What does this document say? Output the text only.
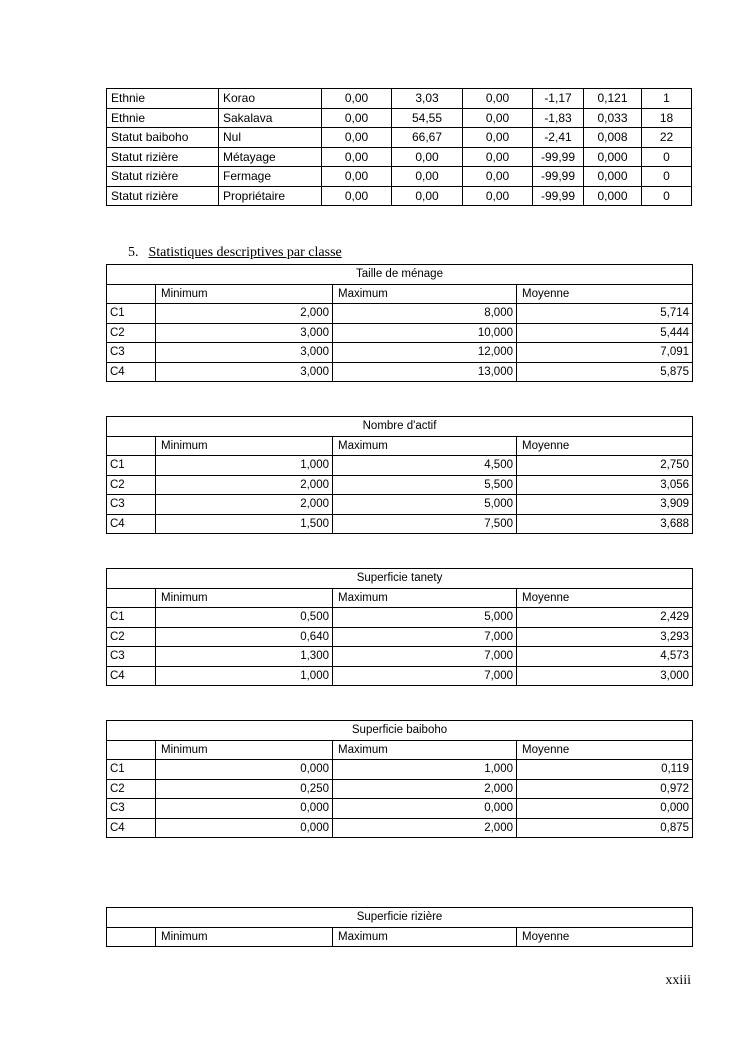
Ethnie	Korao	0,00	3,03	0,00	-1,17	0,121	1
Ethnie	Sakalava	0,00	54,55	0,00	-1,83	0,033	18
Statut baiboho	Nul	0,00	66,67	0,00	-2,41	0,008	22
Statut rizière	Métayage	0,00	0,00	0,00	-99,99	0,000	0
Statut rizière	Fermage	0,00	0,00	0,00	-99,99	0,000	0
Statut rizière	Propriétaire	0,00	0,00	0,00	-99,99	0,000	0
5. Statistiques descriptives par classe
Taille de ménage			
	Minimum	Maximum	Moyenne
C1	2,000	8,000	5,714
C2	3,000	10,000	5,444
C3	3,000	12,000	7,091
C4	3,000	13,000	5,875
Nombre d'actif			
	Minimum	Maximum	Moyenne
C1	1,000	4,500	2,750
C2	2,000	5,500	3,056
C3	2,000	5,000	3,909
C4	1,500	7,500	3,688
Superficie tanety			
	Minimum	Maximum	Moyenne
C1	0,500	5,000	2,429
C2	0,640	7,000	3,293
C3	1,300	7,000	4,573
C4	1,000	7,000	3,000
Superficie baiboho			
	Minimum	Maximum	Moyenne
C1	0,000	1,000	0,119
C2	0,250	2,000	0,972
C3	0,000	0,000	0,000
C4	0,000	2,000	0,875
Superficie rizière
	Minimum	Maximum	Moyenne
xxiii
